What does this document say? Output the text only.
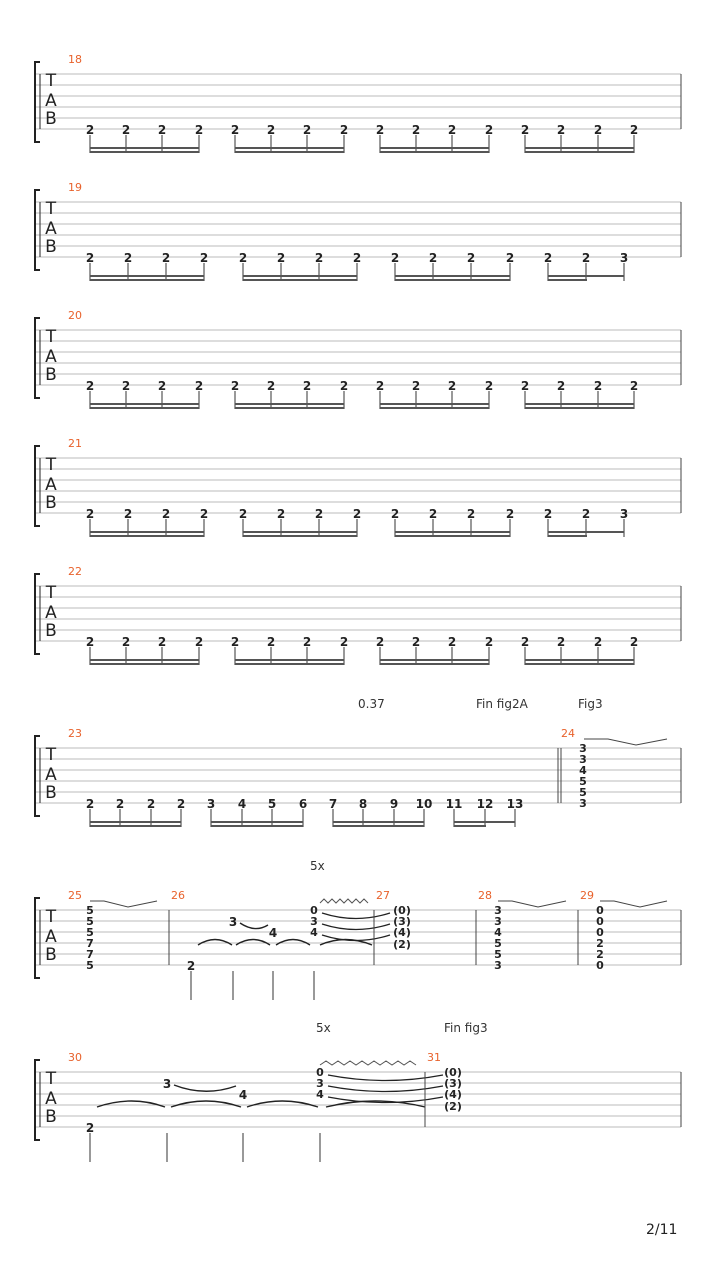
T
A
B
18
2 2 2 2 2 2 2 2 2 2 2 2 2 2 2 2
T
A
B
19
2 2 2 2	2 2 2 2 2 2 2	2 2 2 3
T
A
B
20
2 2 2 2 2 2 2 2 2 2 2 2 2 2 2 2
T
A
B
21
2 2 2 2	2 2 2 2 2 2 2	2 2 2 3
T
A
B
22
2 2 2 2 2 2 2 2 2 2 2 2 2 2 2 2
T
A
B
23
2 2 2 2 3 4 5 6 7 8 9 10 11 12 13
24
3
3
4
5
5
3
T
A
B
25
5
5
5
7
7
5
26
2
3
4
0
3
4
27
(0)
(3)
(4)
(2)
28
3
3
4
5
5
3
29
0
0
0
2
2
0
T
A
B
30
2
3
4
0
3
4
31
(0)
(3)
(4)
(2)
0.37	Fin fig2A	Fig3
5x
5x	Fin fig3
2/11
